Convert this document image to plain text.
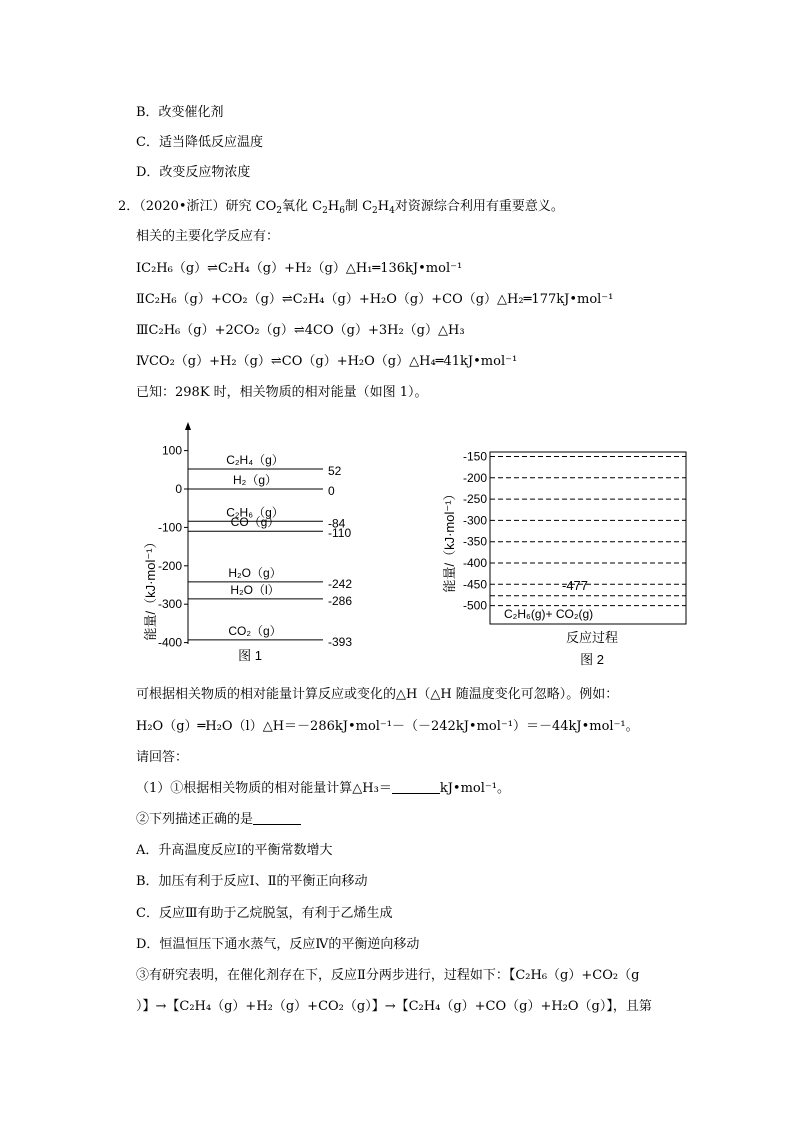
B．改变催化剂
C．适当降低反应温度
D．改变反应物浓度
2．（2020•浙江）研究 $CO_2$氧化 $C_2H_6$制 $C_2H_4$对资源综合利用有重要意义。
相关的主要化学反应有：
ⅠC₂H₆（g）⇌C₂H₄（g）+H₂（g）△H₁═136kJ•mol⁻¹
ⅡC₂H₆（g）+CO₂（g）⇌C₂H₄（g）+H₂O（g）+CO（g）△H₂═177kJ•mol⁻¹
ⅢC₂H₆（g）+2CO₂（g）⇌4CO（g）+3H₂（g）△H₃
ⅣCO₂（g）+H₂（g）⇌CO（g）+H₂O（g）△H₄═41kJ•mol⁻¹
已知：298K 时，相关物质的相对能量（如图 1）。
100
0
-100
-200
-300
-400
C₂H₄（g）
52
H₂（g）
0
C₂H₆（g）
-84
CO（g）
-110
H₂O（g）
-242
H₂O（l）
-286
CO₂（g）
-393
能量/（kJ·mol⁻¹）
图 1
-150
-200
-250
-300
-350
-400
-450
-500
能量/（kJ·mol⁻¹）	-477
C₂H₆(g)+ CO₂(g)
反应过程
图 2
可根据相关物质的相对能量计算反应或变化的△H（△H 随温度变化可忽略）。例如：
H₂O（g）═H₂O（l）△H＝－286kJ•mol⁻¹－（－242kJ•mol⁻¹）＝－44kJ•mol⁻¹。
请回答：
（1）①根据相关物质的相对能量计算△H₃＝	kJ•mol⁻¹。
②下列描述正确的是
A．升高温度反应Ⅰ的平衡常数增大
B．加压有利于反应Ⅰ、Ⅱ的平衡正向移动
C．反应Ⅲ有助于乙烷脱氢，有利于乙烯生成
D．恒温恒压下通水蒸气，反应Ⅳ的平衡逆向移动
③有研究表明，在催化剂存在下，反应Ⅱ分两步进行，过程如下：【C₂H₆（g）+CO₂（g
）】→【C₂H₄（g）+H₂（g）+CO₂（g）】→【C₂H₄（g）+CO（g）+H₂O（g）】，且第
